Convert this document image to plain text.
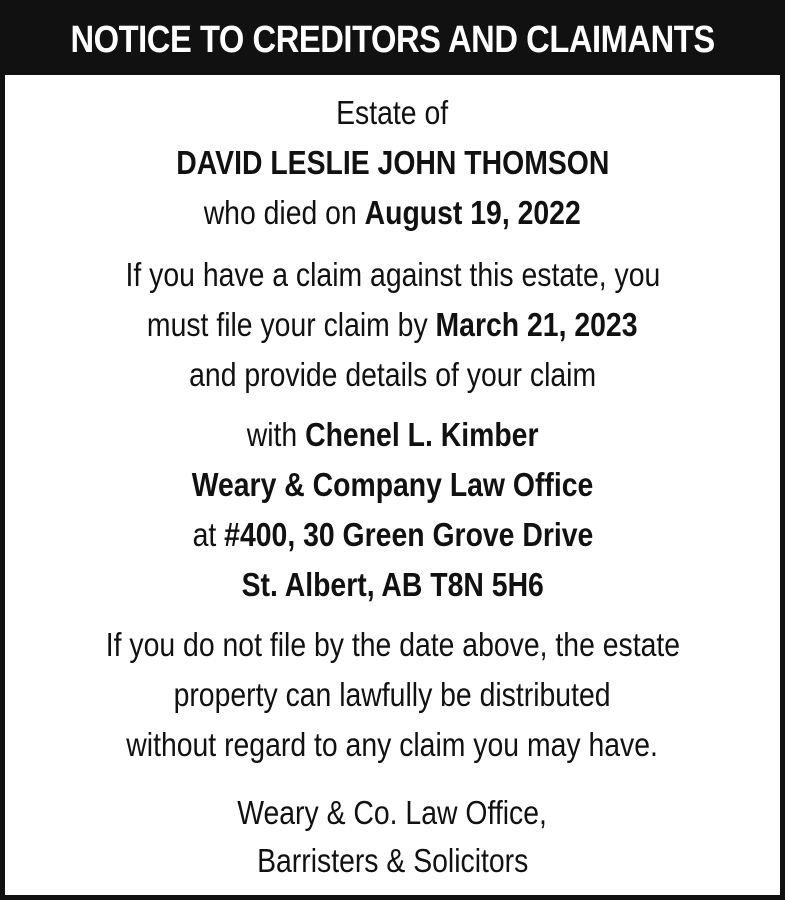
NOTICE TO CREDITORS AND CLAIMANTS
Estate of
DAVID LESLIE JOHN THOMSON
who died on August 19, 2022
If you have a claim against this estate, you
must file your claim by March 21, 2023
and provide details of your claim
with Chenel L. Kimber
Weary & Company Law Office
at #400, 30 Green Grove Drive
St. Albert, AB T8N 5H6
If you do not file by the date above, the estate
property can lawfully be distributed
without regard to any claim you may have.
Weary & Co. Law Office,
Barristers & Solicitors
